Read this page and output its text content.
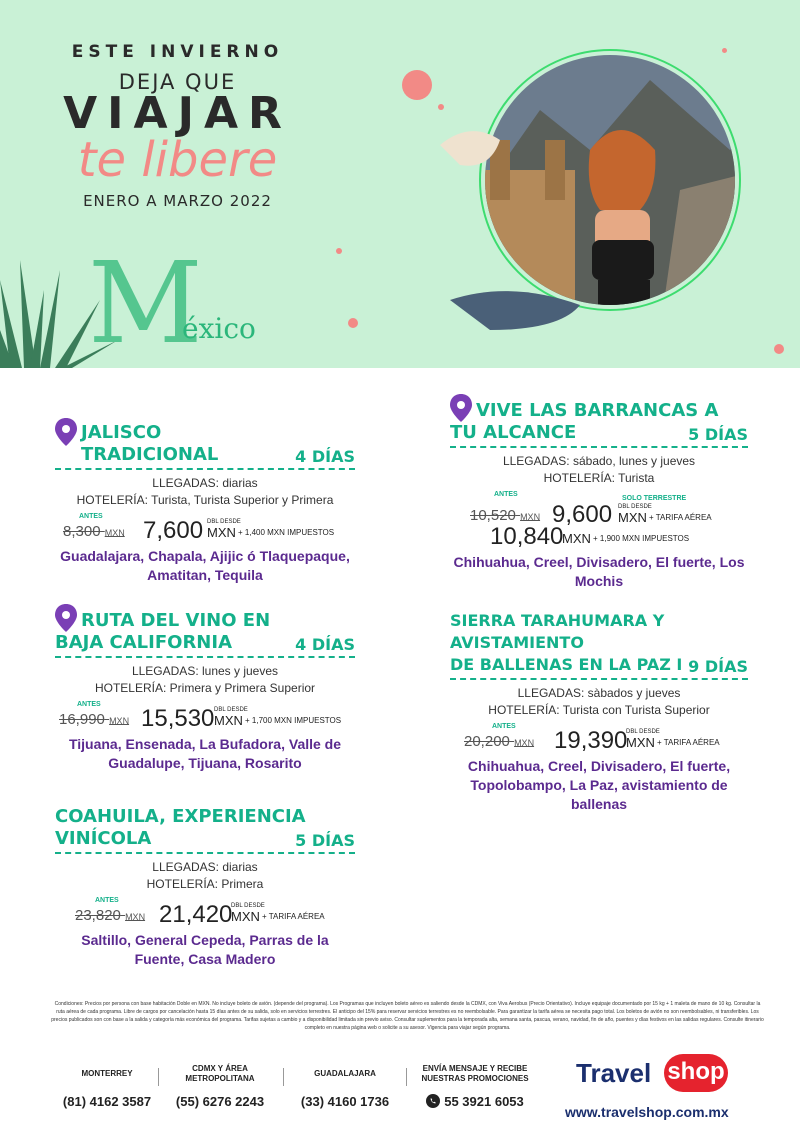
ESTE INVIERNO
DEJA QUE
VIAJAR
te libere
ENERO A MARZO 2022
M
éxico
JALISCO TRADICIONAL	4 DÍAS
LLEGADAS: diarias
HOTELERÍA: Turista, Turista Superior y Primera
ANTES
8,300 MXN 7,600 DBL DESDE
MXN + 1,400 MXN IMPUESTOS
Guadalajara, Chapala, Ajijic ó Tlaquepaque, Amatitan, Tequila
RUTA DEL VINO EN
BAJA CALIFORNIA	4 DÍAS
LLEGADAS: lunes y jueves
HOTELERÍA: Primera y Primera Superior
ANTES
16,990 MXN 15,530 DBL DESDE
MXN + 1,700 MXN IMPUESTOS
Tijuana, Ensenada, La Bufadora, Valle de Guadalupe, Tijuana, Rosarito
COAHUILA, EXPERIENCIA
VINÍCOLA	5 DÍAS
LLEGADAS: diarias
HOTELERÍA: Primera
ANTES
23,820 MXN 21,420
DBL DESDE
MXN + TARIFA AÉREA
Saltillo, General Cepeda, Parras de la Fuente, Casa Madero
VIVE LAS BARRANCAS A
TU ALCANCE	5 DÍAS
LLEGADAS: sábado, lunes y jueves
HOTELERÍA: Turista
ANTES
SOLO TERRESTRE
10,520 MXN 9,600 DBL DESDE
MXN + TARIFA AÉREA
10,840
MXN + 1,900 MXN IMPUESTOS
Chihuahua, Creel, Divisadero, El fuerte, Los Mochis
SIERRA TARAHUMARA Y AVISTAMIENTO
DE BALLENAS EN LA PAZ I 9 DÍAS
LLEGADAS: sàbados y jueves
HOTELERÍA: Turista con Turista Superior
ANTES
20,200 MXN 19,390
DBL DESDE
MXN + TARIFA AÉREA
Chihuahua, Creel, Divisadero, El fuerte, Topolobampo, La Paz, avistamiento de ballenas
Condiciones: Precios por persona con base habitación Doble en MXN. No incluye boleto de avión. (depende del programa). Los Programas que incluyen boleto aéreo es saliendo desde la CDMX, con Viva Aerobus (Precio Orientativo). Incluye equipaje documentado por 15 kg + 1 maleta de mano de 10 kg. Consultar la ruta aérea de cada programa. Libre de cargos por cancelación hasta 15 días antes de su salida, solo en servicios terrestres. El anticipo del 15% para reservar servicios terrestres es no reembolsable. Para garantizar la tarifa aérea se necesita pago total. Los boletos de avión no son reembolsables, ni transferibles. Los precios publicados son con base a la salida y categoría más económica del programa. Tarifas sujetas a cambio y a disponibilidad limitada sin previo aviso. Consultar suplementos para la temporada alta, semana santa, pascua, verano, navidad, fin de año, puentes y días festivos en las salidas regulares. Consulte itinerario completo en nuestra página web o solicite a su asesor. Vigencia para viajar según programa.
MONTERREY
(81) 4162 3587
CDMX Y ÁREA METROPOLITANA
(55) 6276 2243
GUADALAJARA
(33) 4160 1736
ENVÍA MENSAJE Y RECIBE NUESTRAS PROMOCIONES
55 3921 6053
Travel shop
www.travelshop.com.mx
